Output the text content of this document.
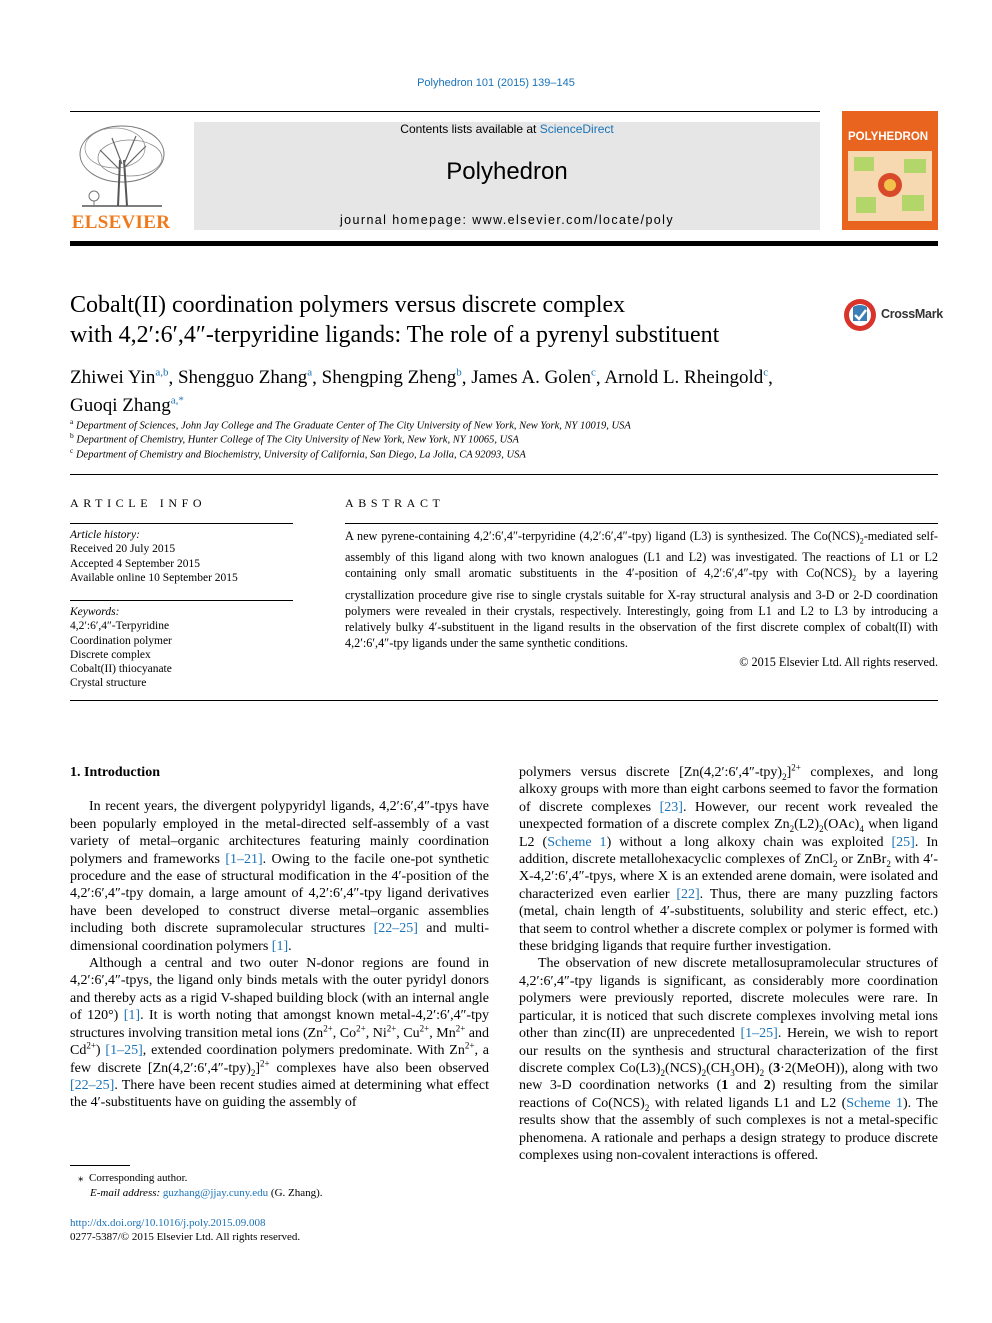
Polyhedron 101 (2015) 139–145
ELSEVIER
Contents lists available at ScienceDirect
Polyhedron
journal homepage: www.elsevier.com/locate/poly
POLYHEDRON
Cobalt(II) coordination polymers versus discrete complex
with 4,2′:6′,4″-terpyridine ligands: The role of a pyrenyl substituent
CrossMark
Zhiwei Yin$^{a,b}$, Shengguo Zhang$^a$, Shengping Zheng$^b$, James A. Golen$^c$, Arnold L. Rheingold$^c$,
Guoqi Zhang$^{a,*}$
$^a$ Department of Sciences, John Jay College and The Graduate Center of The City University of New York, New York, NY 10019, USA
$^b$ Department of Chemistry, Hunter College of The City University of New York, New York, NY 10065, USA
$^c$ Department of Chemistry and Biochemistry, University of California, San Diego, La Jolla, CA 92093, USA
ARTICLE INFO
Article history:
Received 20 July 2015
Accepted 4 September 2015
Available online 10 September 2015
Keywords:
4,2′:6′,4″-Terpyridine
Coordination polymer
Discrete complex
Cobalt(II) thiocyanate
Crystal structure
ABSTRACT
A new pyrene-containing 4,2′:6′,4″-terpyridine (4,2′:6′,4″-tpy) ligand (L3) is synthesized. The $Co(NCS)_2$-mediated self-assembly of this ligand along with two known analogues (L1 and L2) was investigated. The reactions of L1 or L2 containing only small aromatic substituents in the 4′-position of 4,2′:6′,4″-tpy with $Co(NCS)_2$ by a layering crystallization procedure give rise to single crystals suitable for X-ray structural analysis and 3-D or 2-D coordination polymers were revealed in their crystals, respectively. Interestingly, going from L1 and L2 to L3 by introducing a relatively bulky 4′-substituent in the ligand results in the observation of the first discrete complex of cobalt(II) with 4,2′:6′,4″-tpy ligands under the same synthetic conditions.
© 2015 Elsevier Ltd. All rights reserved.

1. Introduction

In recent years, the divergent polypyridyl ligands, 4,2′:6′,4″-tpys have been popularly employed in the metal-directed self-assembly of a vast variety of metal–organic architectures featuring mainly coordination polymers and frameworks [1–21]. Owing to the facile one-pot synthetic procedure and the ease of structural modification in the 4′-position of the 4,2′:6′,4″-tpy domain, a large amount of 4,2′:6′,4″-tpy ligand derivatives have been developed to construct diverse metal–organic assemblies including both discrete supramolecular structures [22–25] and multi-dimensional coordination polymers [1].

Although a central and two outer N-donor regions are found in 4,2′:6′,4″-tpys, the ligand only binds metals with the outer pyridyl donors and thereby acts as a rigid V-shaped building block (with an internal angle of 120°) [1]. It is worth noting that amongst known metal-4,2′:6′,4″-tpy structures involving transition metal ions ($Zn^{2+}$, $Co^{2+}$, $Ni^{2+}$, $Cu^{2+}$, $Mn^{2+}$ and $Cd^{2+}$) [1–25], extended coordination polymers predominate. With $Zn^{2+}$, a few discrete $[Zn(4,2':6',4''-tpy)_2]^{2+}$ complexes have also been observed [22–25]. There have been recent studies aimed at determining what effect the 4′-substituents have on guiding the assembly of

⁎ Corresponding author.
E-mail address: guzhang@jjay.cuny.edu (G. Zhang).
http://dx.doi.org/10.1016/j.poly.2015.09.008
0277-5387/© 2015 Elsevier Ltd. All rights reserved.

polymers versus discrete $[Zn(4,2':6',4''-tpy)_2]^{2+}$ complexes, and long alkoxy groups with more than eight carbons seemed to favor the formation of discrete complexes [23]. However, our recent work revealed the unexpected formation of a discrete complex $Zn_2(L2)_2(OAc)_4$ when ligand L2 (Scheme 1) without a long alkoxy chain was exploited [25]. In addition, discrete metallohexacyclic complexes of ZnCl$_2$ or ZnBr$_2$ with 4′-X-4,2′:6′,4″-tpys, where X is an extended arene domain, were isolated and characterized even earlier [22]. Thus, there are many puzzling factors (metal, chain length of 4′-substituents, solubility and steric effect, etc.) that seem to control whether a discrete complex or polymer is formed with these bridging ligands that require further investigation.

The observation of new discrete metallosupramolecular structures of 4,2′:6′,4″-tpy ligands is significant, as considerably more coordination polymers were previously reported, discrete molecules were rare. In particular, it is noticed that such discrete complexes involving metal ions other than zinc(II) are unprecedented [1–25]. Herein, we wish to report our results on the synthesis and structural characterization of the first discrete complex $Co(L3)_2(NCS)_2(CH_3OH)_2$ (3·2(MeOH)), along with two new 3-D coordination networks (1 and 2) resulting from the similar reactions of $Co(NCS)_2$ with related ligands L1 and L2 (Scheme 1). The results show that the assembly of such complexes is not a metal-specific phenomena. A rationale and perhaps a design strategy to produce discrete complexes using non-covalent interactions is offered.
